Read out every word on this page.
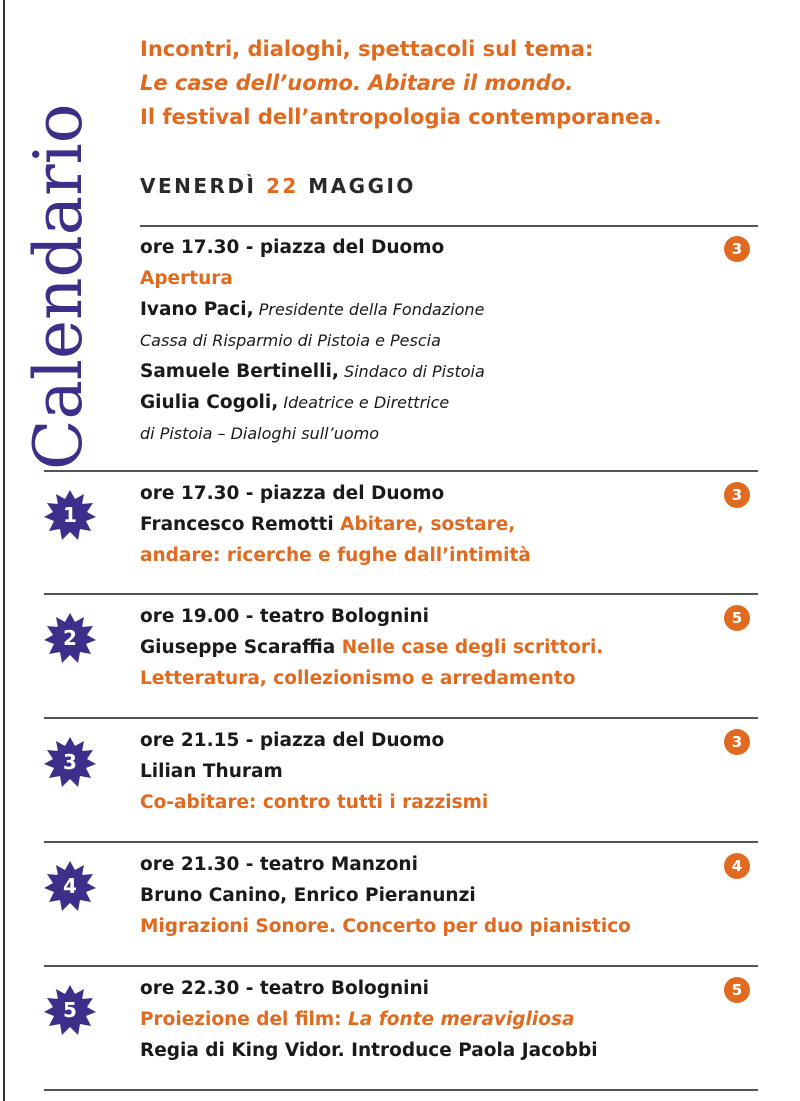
Calendario
Incontri, dialoghi, spettacoli sul tema:
Le case dell’uomo. Abitare il mondo.
Il festival dell’antropologia contemporanea.
VENERDÌ 22 MAGGIO
3
ore 17.30 - piazza del Duomo
Apertura
Ivano Paci, Presidente della Fondazione
Cassa di Risparmio di Pistoia e Pescia
Samuele Bertinelli, Sindaco di Pistoia
Giulia Cogoli, Ideatrice e Direttrice
di Pistoia – Dialoghi sull’uomo
1
3
ore 17.30 - piazza del Duomo
Francesco Remotti Abitare, sostare,
andare: ricerche e fughe dall’intimità
2
5
ore 19.00 - teatro Bolognini
Giuseppe Scaraffia Nelle case degli scrittori.
Letteratura, collezionismo e arredamento
3
3
ore 21.15 - piazza del Duomo
Lilian Thuram
Co-abitare: contro tutti i razzismi
4
4
ore 21.30 - teatro Manzoni
Bruno Canino, Enrico Pieranunzi
Migrazioni Sonore. Concerto per duo pianistico
5
5
ore 22.30 - teatro Bolognini
Proiezione del film: La fonte meravigliosa
Regia di King Vidor. Introduce Paola Jacobbi
